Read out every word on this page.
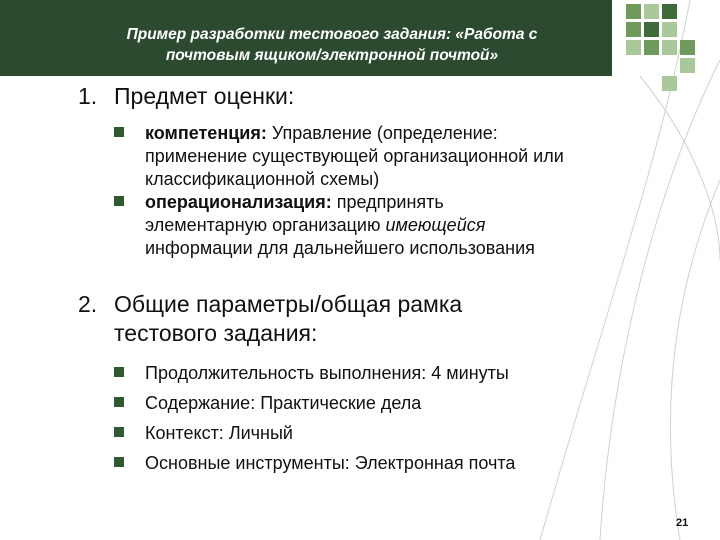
Пример разработки тестового задания: «Работа с
почтовым ящиком/электронной почтой»
1. Предмет оценки:
компетенция: Управление (определение:
применение существующей организационной или
классификационной схемы)
операционализация: предпринять
элементарную организацию имеющейся
информации для дальнейшего использования
2. Общие параметры/общая рамка
тестового задания:
Продолжительность выполнения: 4 минуты
Содержание: Практические дела
Контекст: Личный
Основные инструменты: Электронная почта
21
